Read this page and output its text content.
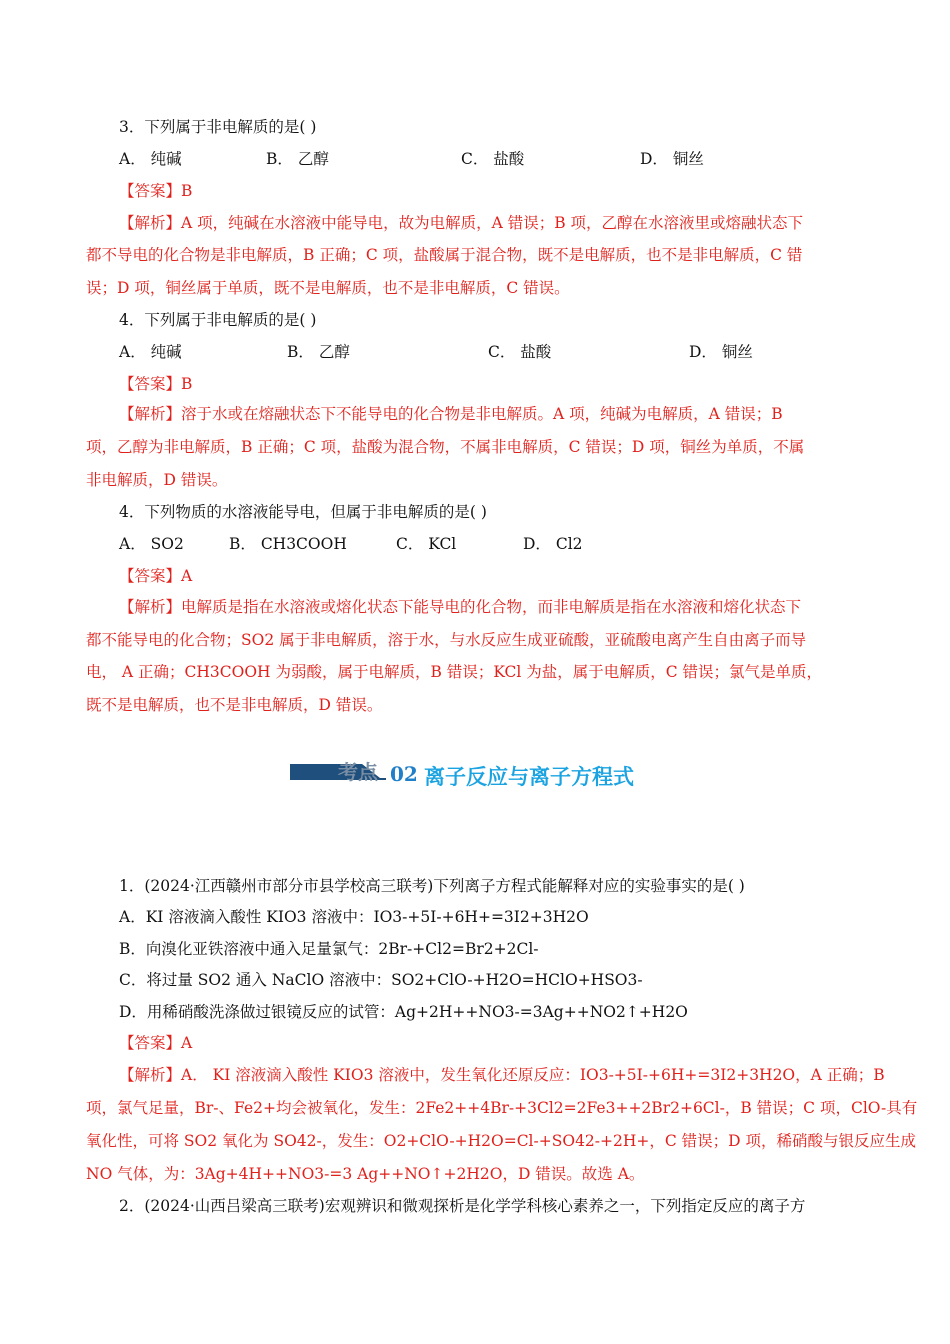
3．下列属于非电解质的是( )
A． 纯碱	B． 乙醇	C． 盐酸	D． 铜丝
【答案】B
【解析】A 项，纯碱在水溶液中能导电，故为电解质，A 错误；B 项，乙醇在水溶液里或熔融状态下
都不导电的化合物是非电解质，B 正确；C 项，盐酸属于混合物，既不是电解质，也不是非电解质，C 错
误；D 项，铜丝属于单质，既不是电解质，也不是非电解质，C 错误。
4．下列属于非电解质的是( )
A． 纯碱	B． 乙醇	C． 盐酸	D． 铜丝
【答案】B
【解析】溶于水或在熔融状态下不能导电的化合物是非电解质。A 项，纯碱为电解质，A 错误；B
项，乙醇为非电解质，B 正确；C 项，盐酸为混合物，不属非电解质，C 错误；D 项，铜丝为单质，不属
非电解质，D 错误。
4．下列物质的水溶液能导电，但属于非电解质的是( )
A． SO2	B． CH3COOH	C． KCl	D． Cl2
【答案】A
【解析】电解质是指在水溶液或熔化状态下能导电的化合物，而非电解质是指在水溶液和熔化状态下
都不能导电的化合物；SO2 属于非电解质，溶于水，与水反应生成亚硫酸，亚硫酸电离产生自由离子而导
电， A 正确；CH3COOH 为弱酸，属于电解质，B 错误；KCl 为盐，属于电解质，C 错误；氯气是单质，
既不是电解质，也不是非电解质，D 错误。
考点 02 离子反应与离子方程式
1．(2024·江西赣州市部分市县学校高三联考)下列离子方程式能解释对应的实验事实的是( )
A．KI 溶液滴入酸性 KIO3 溶液中：IO3-+5I-+6H+=3I2+3H2O
B．向溴化亚铁溶液中通入足量氯气：2Br-+Cl2=Br2+2Cl-
C．将过量 SO2 通入 NaClO 溶液中：SO2+ClO-+H2O=HClO+HSO3-
D．用稀硝酸洗涤做过银镜反应的试管：Ag+2H++NO3-=3Ag++NO2↑+H2O
【答案】A
【解析】A． KI 溶液滴入酸性 KIO3 溶液中，发生氧化还原反应：IO3-+5I-+6H+=3I2+3H2O，A 正确；B
项，氯气足量，Br-、Fe2+均会被氧化，发生：2Fe2++4Br-+3Cl2=2Fe3++2Br2+6Cl-，B 错误；C 项，ClO-具有
氧化性，可将 SO2 氧化为 SO42-，发生：O2+ClO-+H2O=Cl-+SO42-+2H+，C 错误；D 项，稀硝酸与银反应生成
NO 气体，为：3Ag+4H++NO3-=3 Ag++NO↑+2H2O，D 错误。故选 A。
2．(2024·山西吕梁高三联考)宏观辨识和微观探析是化学学科核心素养之一，下列指定反应的离子方
